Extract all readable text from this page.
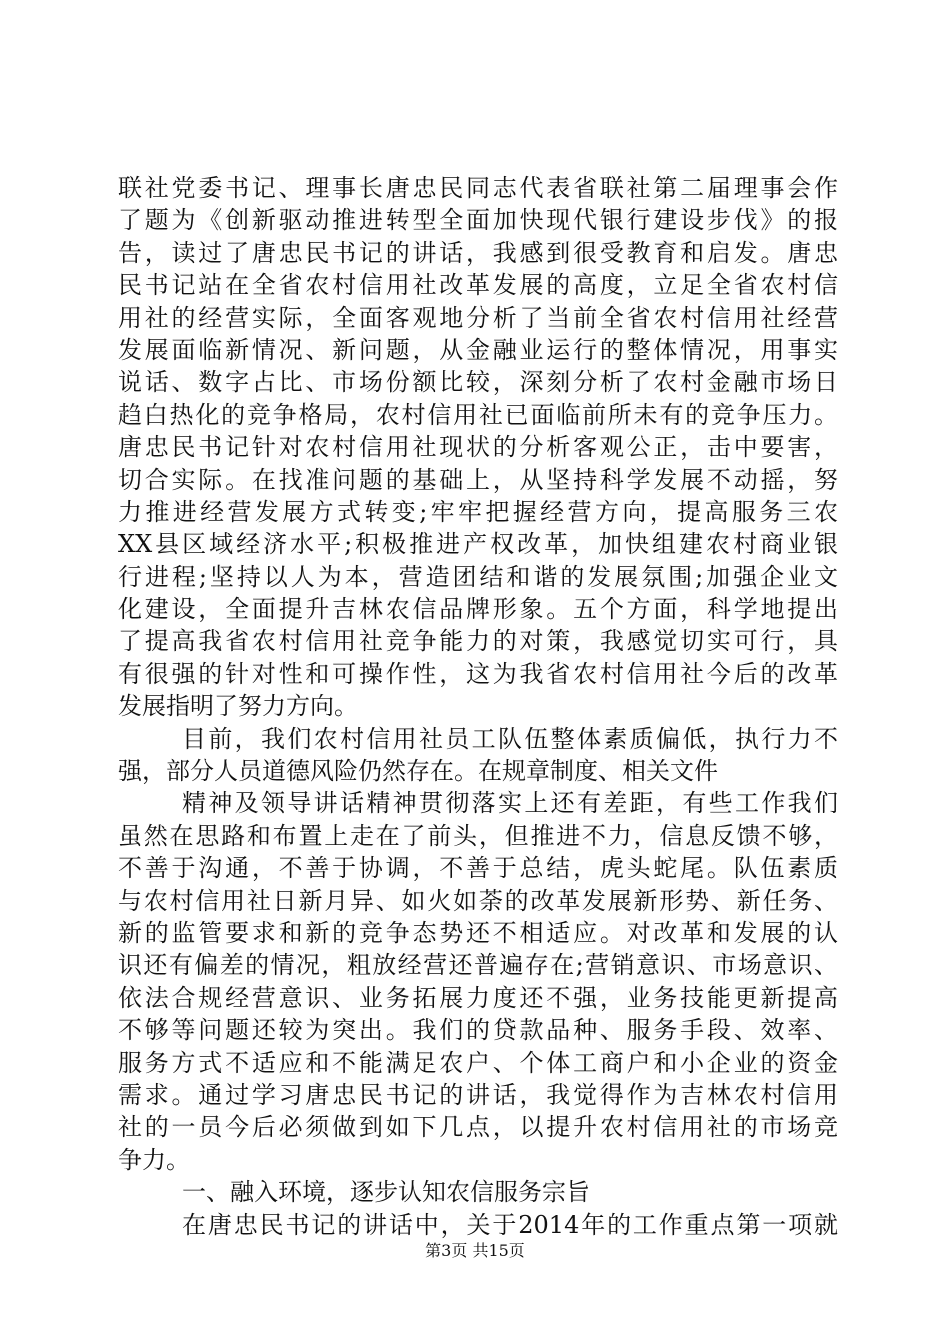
联社党委书记、理事长唐忠民同志代表省联社第二届理事会作
了题为《创新驱动推进转型全面加快现代银行建设步伐》的报
告，读过了唐忠民书记的讲话，我感到很受教育和启发。唐忠
民书记站在全省农村信用社改革发展的高度，立足全省农村信
用社的经营实际，全面客观地分析了当前全省农村信用社经营
发展面临新情况、新问题，从金融业运行的整体情况，用事实
说话、数字占比、市场份额比较，深刻分析了农村金融市场日
趋白热化的竞争格局，农村信用社已面临前所未有的竞争压力。
唐忠民书记针对农村信用社现状的分析客观公正，击中要害，
切合实际。在找准问题的基础上，从坚持科学发展不动摇，努
力推进经营发展方式转变;牢牢把握经营方向，提高服务三农
XX县区域经济水平;积极推进产权改革，加快组建农村商业银
行进程;坚持以人为本，营造团结和谐的发展氛围;加强企业文
化建设，全面提升吉林农信品牌形象。五个方面，科学地提出
了提高我省农村信用社竞争能力的对策，我感觉切实可行，具
有很强的针对性和可操作性，这为我省农村信用社今后的改革
发展指明了努力方向。
目前，我们农村信用社员工队伍整体素质偏低，执行力不
强，部分人员道德风险仍然存在。在规章制度、相关文件
精神及领导讲话精神贯彻落实上还有差距，有些工作我们
虽然在思路和布置上走在了前头，但推进不力，信息反馈不够，
不善于沟通，不善于协调，不善于总结，虎头蛇尾。队伍素质
与农村信用社日新月异、如火如荼的改革发展新形势、新任务、
新的监管要求和新的竞争态势还不相适应。对改革和发展的认
识还有偏差的情况，粗放经营还普遍存在;营销意识、市场意识、
依法合规经营意识、业务拓展力度还不强，业务技能更新提高
不够等问题还较为突出。我们的贷款品种、服务手段、效率、
服务方式不适应和不能满足农户、个体工商户和小企业的资金
需求。通过学习唐忠民书记的讲话，我觉得作为吉林农村信用
社的一员今后必须做到如下几点，以提升农村信用社的市场竞
争力。
一、融入环境，逐步认知农信服务宗旨
在唐忠民书记的讲话中，关于2014年的工作重点第一项就
第3页 共15页
